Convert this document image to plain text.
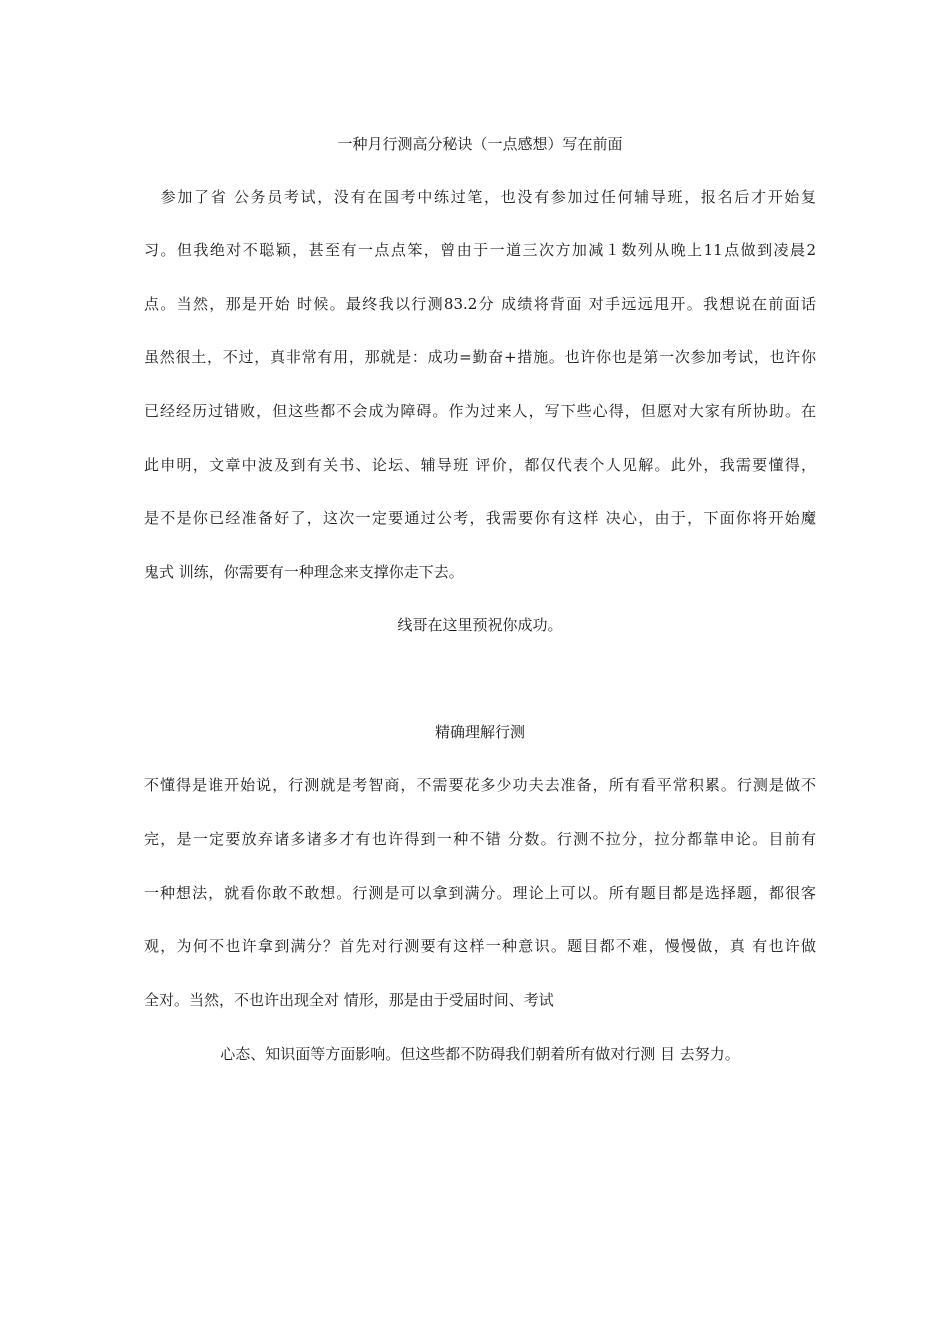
一种月行测高分秘诀（一点感想）写在前面
　参加了省 公务员考试，没有在国考中练过笔，也没有参加过任何辅导班，报名后才开始复
习。但我绝对不聪颖，甚至有一点点笨，曾由于一道三次方加减１数列从晚上11点做到凌晨2
点。当然，那是开始 时候。最终我以行测83.2分 成绩将背面 对手远远甩开。我想说在前面话
虽然很土，不过，真非常有用，那就是：成功=勤奋+措施。也许你也是第一次参加考试，也许你
已经经历过错败，但这些都不会成为障碍。作为过来人，写下些心得，但愿对大家有所协助。在
此申明，文章中波及到有关书、论坛、辅导班 评价，都仅代表个人见解。此外，我需要懂得，
是不是你已经准备好了，这次一定要通过公考，我需要你有这样 决心，由于，下面你将开始魔
鬼式 训练，你需要有一种理念来支撑你走下去。
线哥在这里预祝你成功。
精确理解行测
不懂得是谁开始说，行测就是考智商，不需要花多少功夫去准备，所有看平常积累。行测是做不
完，是一定要放弃诸多诸多才有也许得到一种不错 分数。行测不拉分，拉分都靠申论。目前有
一种想法，就看你敢不敢想。行测是可以拿到满分。理论上可以。所有题目都是选择题，都很客
观，为何不也许拿到满分？首先对行测要有这样一种意识。题目都不难，慢慢做，真 有也许做
全对。当然，不也许出现全对 情形，那是由于受届时间、考试
心态、知识面等方面影响。但这些都不防碍我们朝着所有做对行测 目 去努力。
